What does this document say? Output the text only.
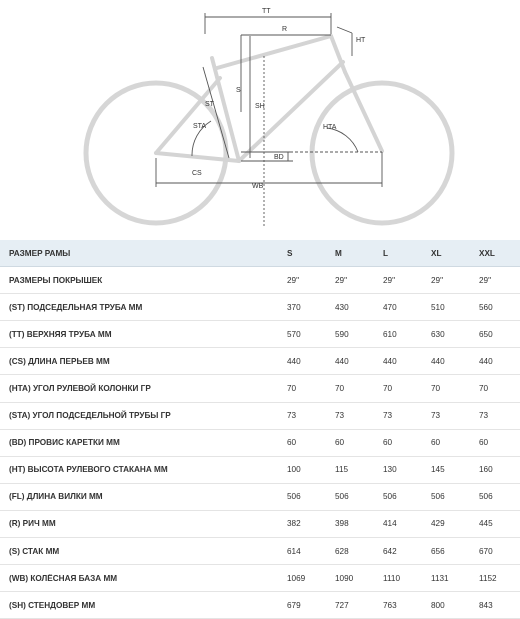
TT
R
HT
S
SH
ST
STA	HTA
BD
CS
WB
РАЗМЕР РАМЫ	S	M	L	XL	XXL
РАЗМЕРЫ ПОКРЫШЕК	29"	29"	29"	29"	29"
(ST) ПОДСЕДЕЛЬНАЯ ТРУБА ММ	370	430	470	510	560
(TT) ВЕРХНЯЯ ТРУБА ММ	570	590	610	630	650
(CS) ДЛИНА ПЕРЬЕВ ММ	440	440	440	440	440
(HTA) УГОЛ РУЛЕВОЙ КОЛОНКИ ГР	70	70	70	70	70
(STA) УГОЛ ПОДСЕДЕЛЬНОЙ ТРУБЫ ГР	73	73	73	73	73
(BD) ПРОВИС КАРЕТКИ ММ	60	60	60	60	60
(HT) ВЫСОТА РУЛЕВОГО СТАКАНА ММ	100	115	130	145	160
(FL) ДЛИНА ВИЛКИ ММ	506	506	506	506	506
(R) РИЧ ММ	382	398	414	429	445
(S) СТАК ММ	614	628	642	656	670
(WB) КОЛЁСНАЯ БАЗА ММ	1069	1090	1110	1131	1152
(SH) СТЕНДОВЕР ММ	679	727	763	800	843
